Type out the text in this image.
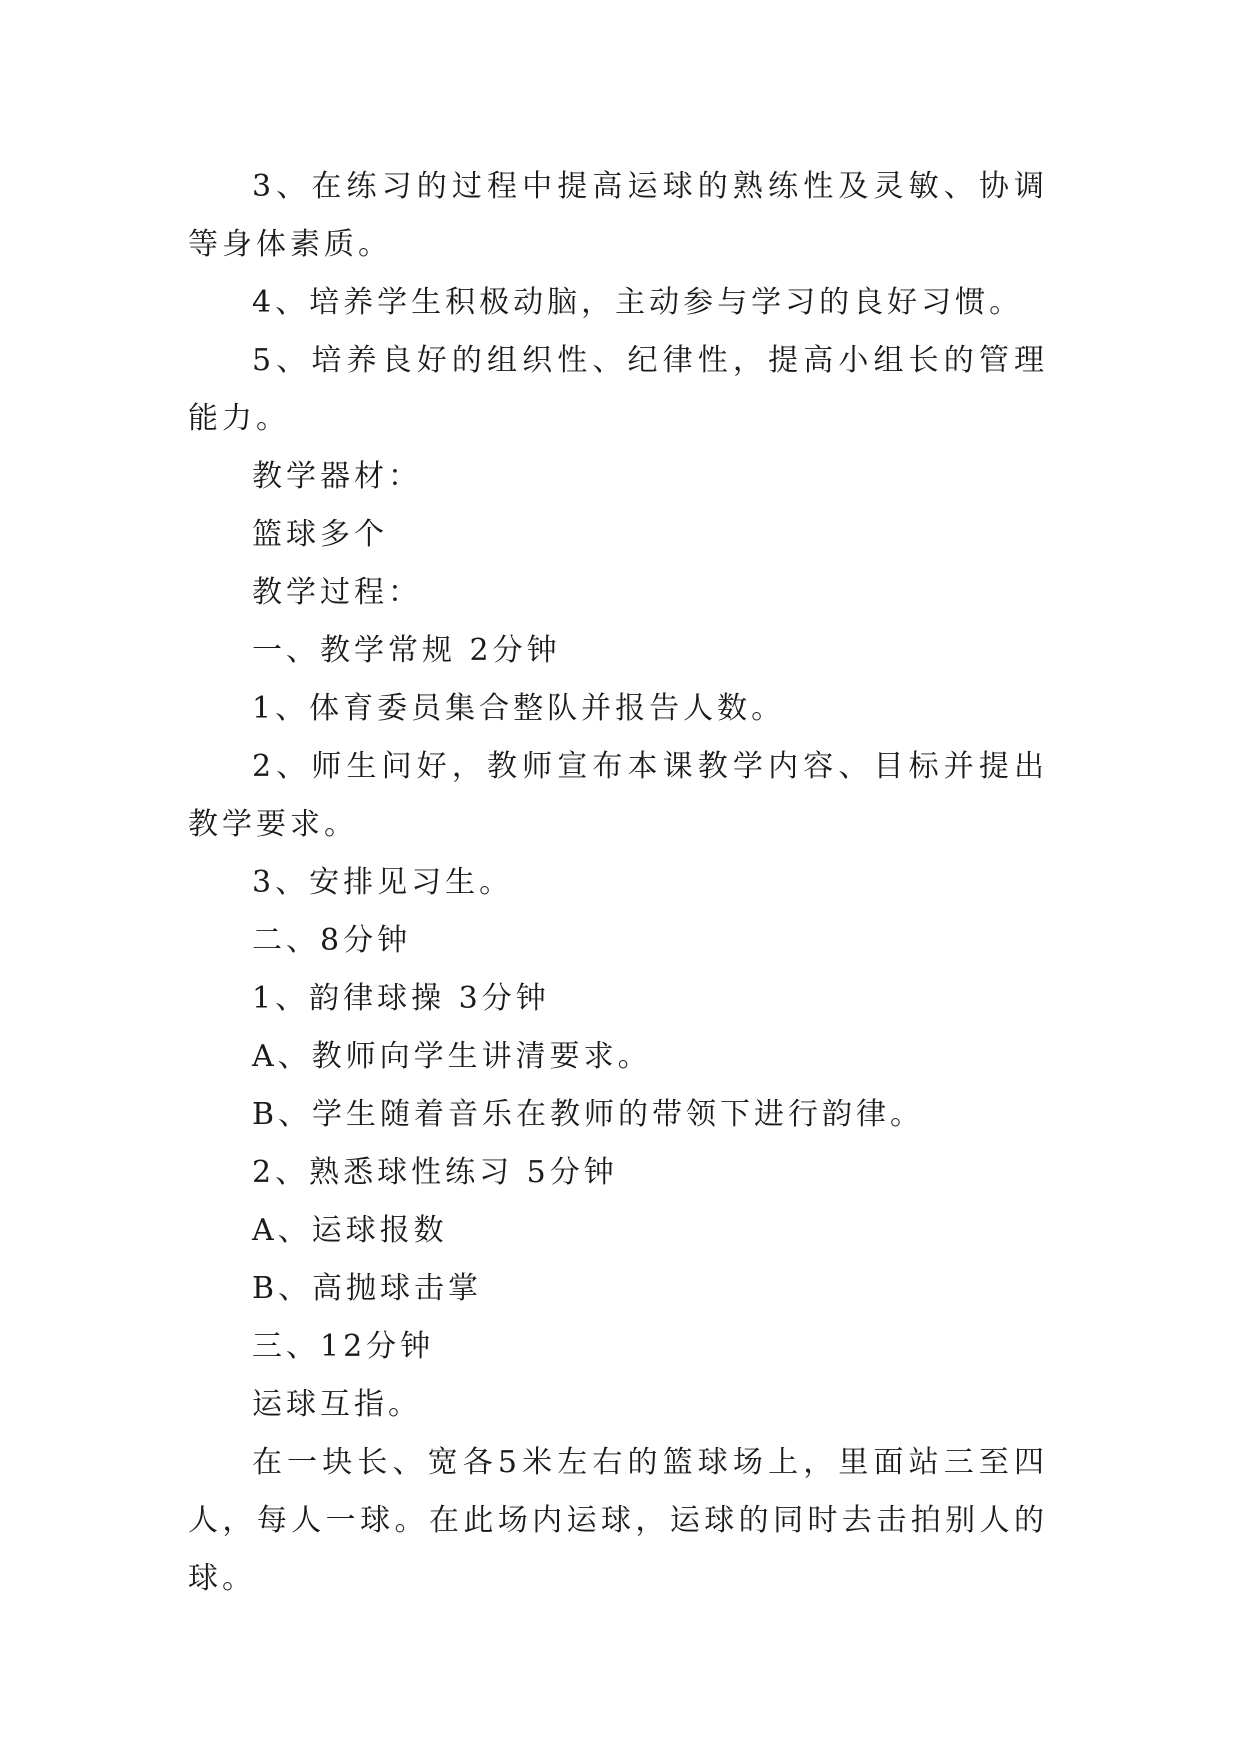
3、在练习的过程中提高运球的熟练性及灵敏、协调等身体素质。

4、培养学生积极动脑，主动参与学习的良好习惯。

5、培养良好的组织性、纪律性，提高小组长的管理能力。

教学器材：

篮球多个

教学过程：

一、教学常规 2分钟

1、体育委员集合整队并报告人数。

2、师生问好，教师宣布本课教学内容、目标并提出教学要求。

3、安排见习生。

二、8分钟

1、韵律球操 3分钟

A、教师向学生讲清要求。

B、学生随着音乐在教师的带领下进行韵律。

2、熟悉球性练习 5分钟

A、运球报数

B、高抛球击掌

三、12分钟

运球互指。

在一块长、宽各5米左右的篮球场上，里面站三至四人，每人一球。在此场内运球，运球的同时去击拍别人的球。
